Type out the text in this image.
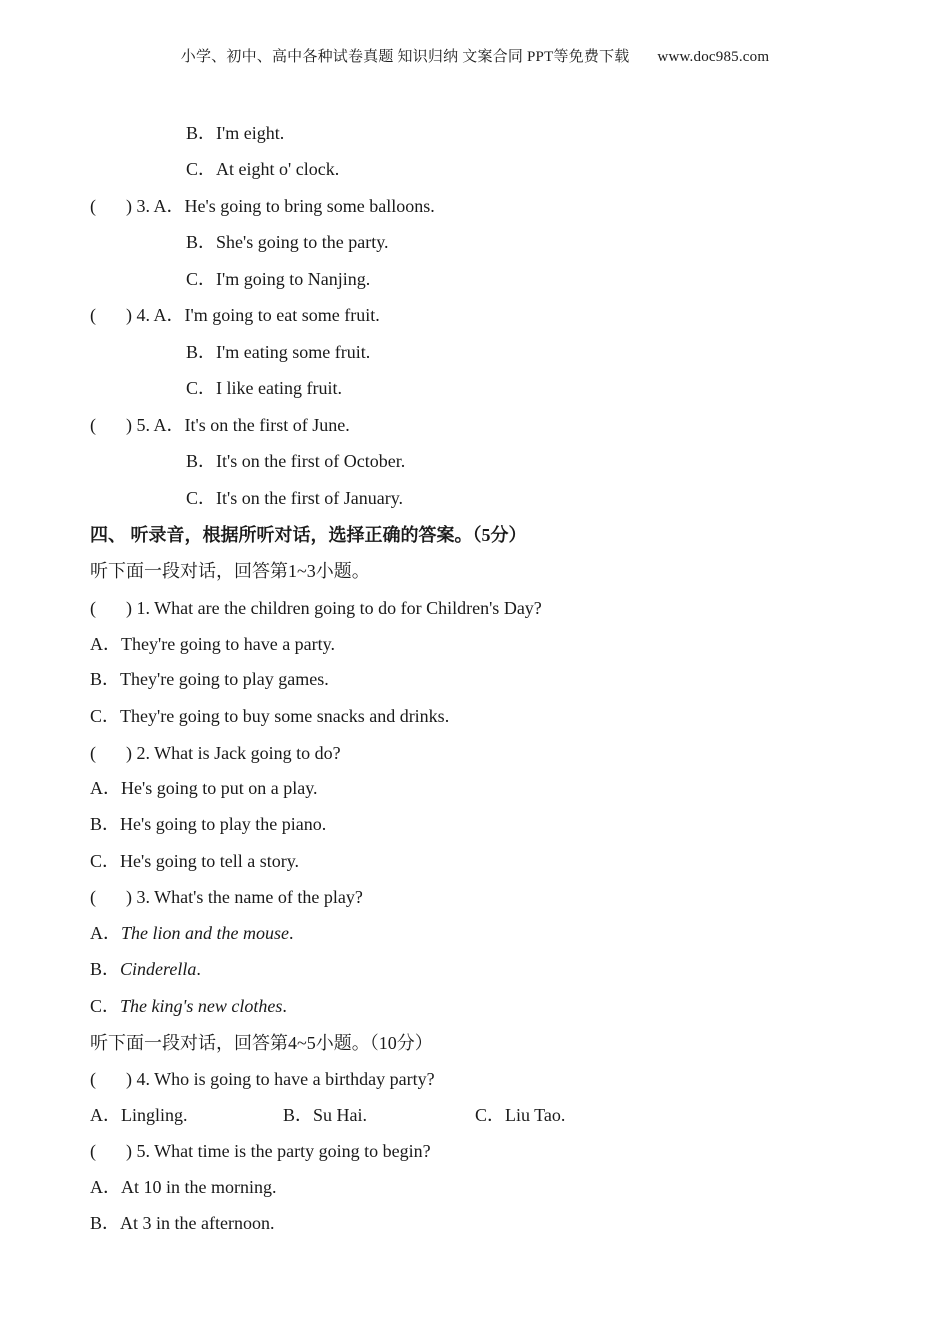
小学、初中、高中各种试卷真题 知识归纳 文案合同 PPT等免费下载 www.doc985.com
B．I'm eight.
C．At eight o' clock.
( ) 3. A．He's going to bring some balloons.
B．She's going to the party.
C．I'm going to Nanjing.
( ) 4. A．I'm going to eat some fruit.
B．I'm eating some fruit.
C．I like eating fruit.
( ) 5. A．It's on the first of June.
B．It's on the first of October.
C．It's on the first of January.
四、 听录音，根据所听对话，选择正确的答案。（5分）
听下面一段对话，回答第1~3小题。
( ) 1. What are the children going to do for Children's Day?
A．They're going to have a party.
B．They're going to play games.
C．They're going to buy some snacks and drinks.
( ) 2. What is Jack going to do?
A．He's going to put on a play.
B．He's going to play the piano.
C．He's going to tell a story.
( ) 3. What's the name of the play?
A．The lion and the mouse.
B．Cinderella.
C．The king's new clothes.
听下面一段对话，回答第4~5小题。（10分）
( ) 4. Who is going to have a birthday party?
A．Lingling.	B．Su Hai.	C．Liu Tao.
( ) 5. What time is the party going to begin?
A．At 10 in the morning.
B．At 3 in the afternoon.
